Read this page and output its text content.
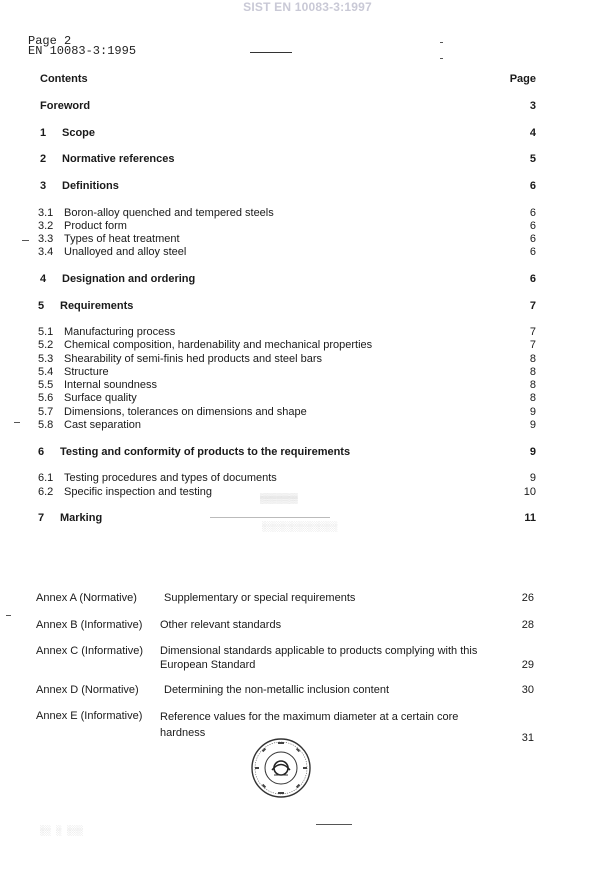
SIST EN 10083-3:1997
Page 2
EN 10083-3:1995
Contents	Page
Foreword	3
1 Scope	4
2 Normative references	5
3 Definitions	6
3.1 Boron-alloy quenched and tempered steels	6
3.2 Product form	6
3.3 Types of heat treatment	6
3.4 Unalloyed and alloy steel	6
4 Designation and ordering	6
5 Requirements	7
5.1 Manufacturing process	7
5.2 Chemical composition, hardenability and mechanical properties	7
5.3 Shearability of semi-finis hed products and steel bars	8
5.4 Structure	8
5.5 Internal soundness	8
5.6 Surface quality	8
5.7 Dimensions, tolerances on dimensions and shape	9
5.8 Cast separation	9
6 Testing and conformity of products to the requirements	9
6.1 Testing procedures and types of documents	9
6.2 Specific inspection and testing	10
7 Marking	11
▒▒▒▒▒▒▒
░░░░░░░░░░░░░░
░░ ░ ░░░
Annex A (Normative) Supplementary or special requirements	26
Annex B (Informative) Other relevant standards	28
Annex C (Informative) Dimensional standards applicable to products complying with this European Standard	29
Annex D (Normative) Determining the non-metallic inclusion content	30
Annex E (Informative) Reference values for the maximum diameter at a certain core hardness	31
